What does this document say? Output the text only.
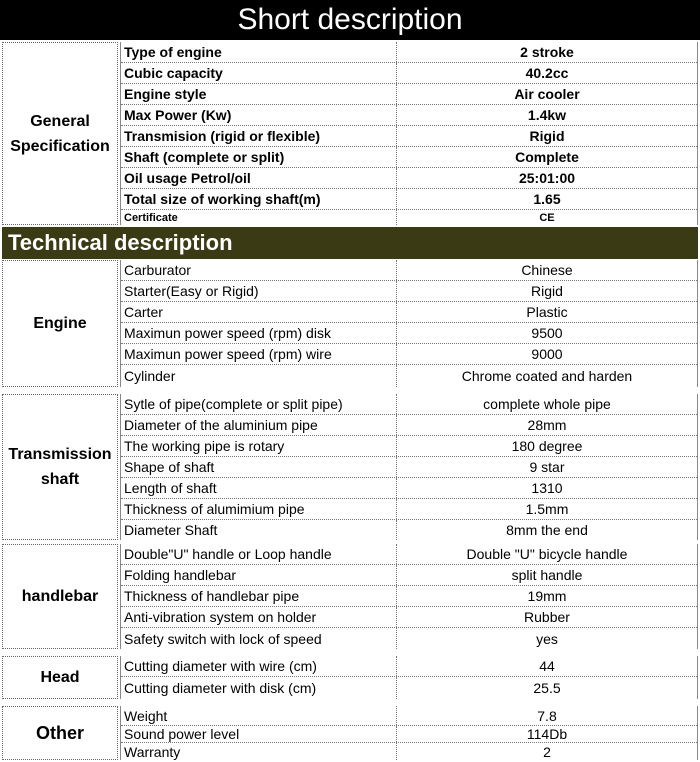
Short description
General Specification
Type of engine	2 stroke
Cubic capacity	40.2cc
Engine style	Air cooler
Max Power (Kw)	1.4kw
Transmision (rigid or flexible)	Rigid
Shaft (complete or split)	Complete
Oil usage Petrol/oil	25:01:00
Total size of working shaft(m)	1.65
Certificate	CE
Technical description
Engine
Carburator	Chinese
Starter(Easy or Rigid)	Rigid
Carter	Plastic
Maximun power speed (rpm) disk	9500
Maximun power speed (rpm) wire	9000
Cylinder	Chrome coated and harden
Transmission shaft
Sytle of pipe(complete or split pipe)	complete whole pipe
Diameter of the aluminium pipe	28mm
The working pipe is rotary	180 degree
Shape of shaft	9 star
Length of shaft	1310
Thickness of alumimium pipe	1.5mm
Diameter Shaft	8mm the end
handlebar
Double"U" handle or Loop handle	Double "U" bicycle handle
Folding handlebar	split handle
Thickness of handlebar pipe	19mm
Anti-vibration system on holder	Rubber
Safety switch with lock of speed	yes
Head
Cutting diameter with wire (cm)	44
Cutting diameter with disk (cm)	25.5
Other
Weight	7.8
Sound power level	114Db
Warranty	2
